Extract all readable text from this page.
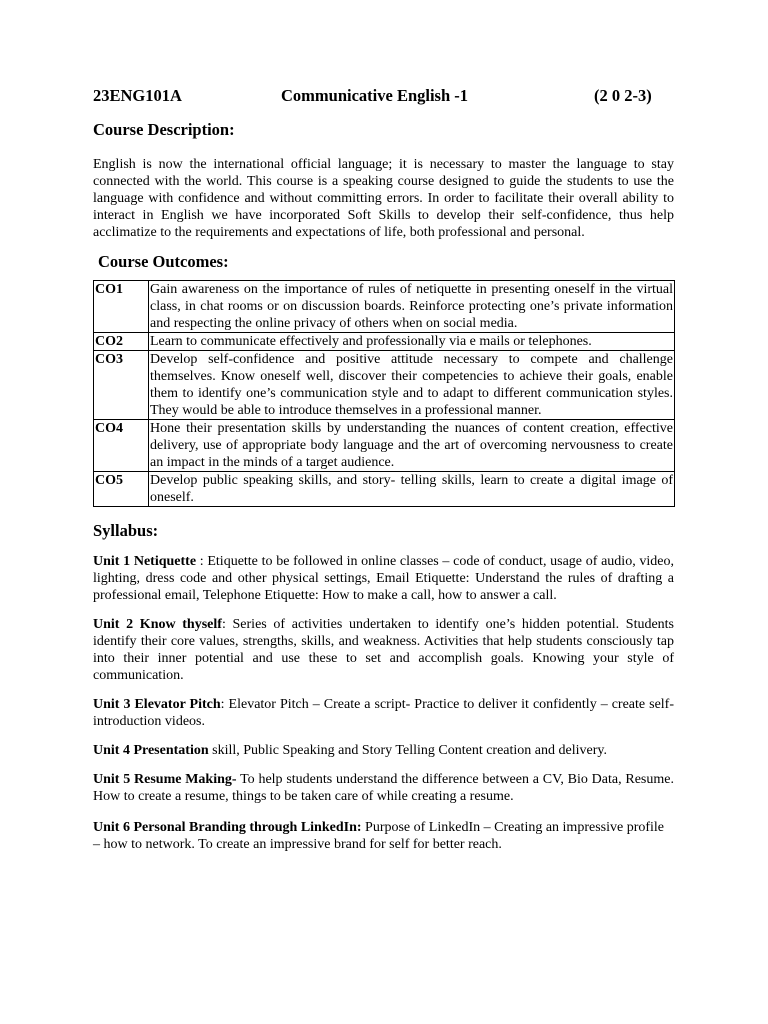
23ENG101A	Communicative English -1	(2 0 2-3)
Course Description:

English is now the international official language; it is necessary to master the language to stay connected with the world. This course is a speaking course designed to guide the students to use the language with confidence and without committing errors. In order to facilitate their overall ability to interact in English we have incorporated Soft Skills to develop their self-confidence, thus help acclimatize to the requirements and expectations of life, both professional and personal.

Course Outcomes:
CO1	Gain awareness on the importance of rules of netiquette in presenting oneself in the virtual class, in chat rooms or on discussion boards. Reinforce protecting one’s private information and respecting the online privacy of others when on social media.
CO2	Learn to communicate effectively and professionally via e mails or telephones.
CO3	Develop self-confidence and positive attitude necessary to compete and challenge themselves. Know oneself well, discover their competencies to achieve their goals, enable them to identify one’s communication style and to adapt to different communication styles. They would be able to introduce themselves in a professional manner.
CO4	Hone their presentation skills by understanding the nuances of content creation, effective delivery, use of appropriate body language and the art of overcoming nervousness to create an impact in the minds of a target audience.
CO5	Develop public speaking skills, and story- telling skills, learn to create a digital image of oneself.
Syllabus:

Unit 1 Netiquette : Etiquette to be followed in online classes – code of conduct, usage of audio, video, lighting, dress code and other physical settings, Email Etiquette: Understand the rules of drafting a professional email, Telephone Etiquette: How to make a call, how to answer a call.

Unit 2 Know thyself: Series of activities undertaken to identify one’s hidden potential. Students identify their core values, strengths, skills, and weakness. Activities that help students consciously tap into their inner potential and use these to set and accomplish goals. Knowing your style of communication.

Unit 3 Elevator Pitch: Elevator Pitch – Create a script- Practice to deliver it confidently – create self-introduction videos.

Unit 4 Presentation skill, Public Speaking and Story Telling Content creation and delivery.

Unit 5 Resume Making- To help students understand the difference between a CV, Bio Data, Resume. How to create a resume, things to be taken care of while creating a resume.

Unit 6 Personal Branding through LinkedIn: Purpose of LinkedIn – Creating an impressive profile – how to network. To create an impressive brand for self for better reach.
